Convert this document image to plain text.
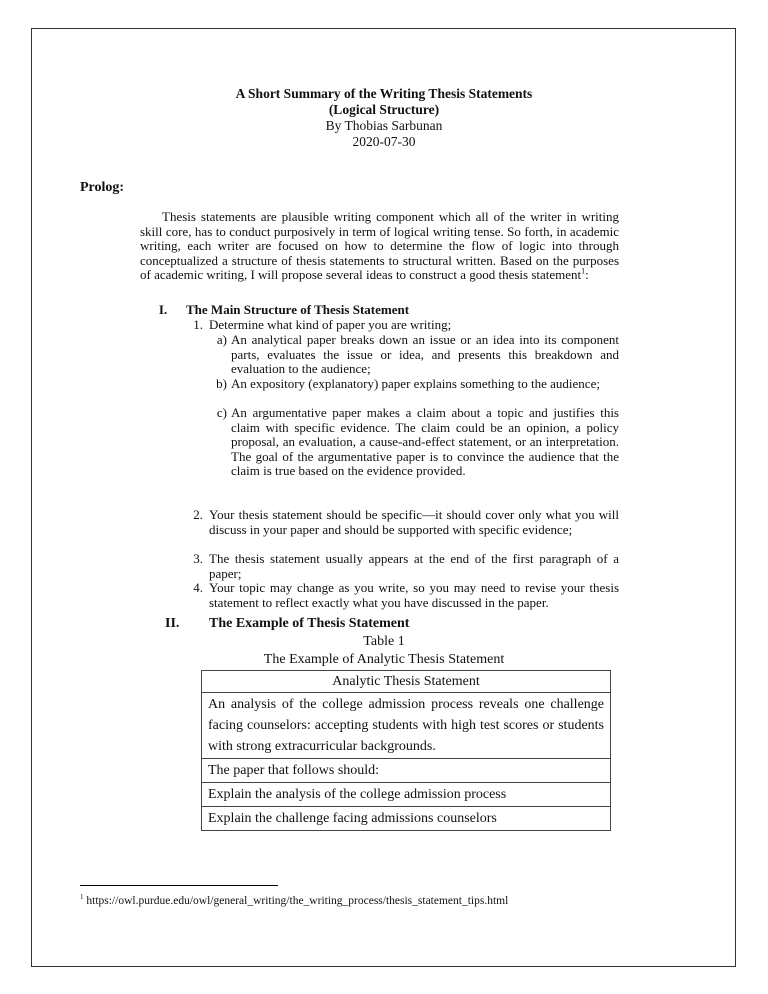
A Short Summary of the Writing Thesis Statements
(Logical Structure)
By Thobias Sarbunan
2020-07-30
Prolog:
Thesis statements are plausible writing component which all of the writer in writing skill core, has to conduct purposively in term of logical writing tense. So forth, in academic writing, each writer are focused on how to determine the flow of logic into through conceptualized a structure of thesis statements to structural written. Based on the purposes of academic writing, I will propose several ideas to construct a good thesis statement$^1$:
I. The Main Structure of Thesis Statement
1. Determine what kind of paper you are writing;
a) An analytical paper breaks down an issue or an idea into its component parts, evaluates the issue or idea, and presents this breakdown and evaluation to the audience;
b) An expository (explanatory) paper explains something to the audience;
c) An argumentative paper makes a claim about a topic and justifies this claim with specific evidence. The claim could be an opinion, a policy proposal, an evaluation, a cause-and-effect statement, or an interpretation. The goal of the argumentative paper is to convince the audience that the claim is true based on the evidence provided.
2. Your thesis statement should be specific—it should cover only what you will discuss in your paper and should be supported with specific evidence;
3. The thesis statement usually appears at the end of the first paragraph of a paper;
4. Your topic may change as you write, so you may need to revise your thesis statement to reflect exactly what you have discussed in the paper.
II. The Example of Thesis Statement
Table 1
The Example of Analytic Thesis Statement
Analytic Thesis Statement
An analysis of the college admission process reveals one challenge facing counselors: accepting students with high test scores or students with strong extracurricular backgrounds.
The paper that follows should:
Explain the analysis of the college admission process
Explain the challenge facing admissions counselors
$^1$ https://owl.purdue.edu/owl/general_writing/the_writing_process/thesis_statement_tips.html
